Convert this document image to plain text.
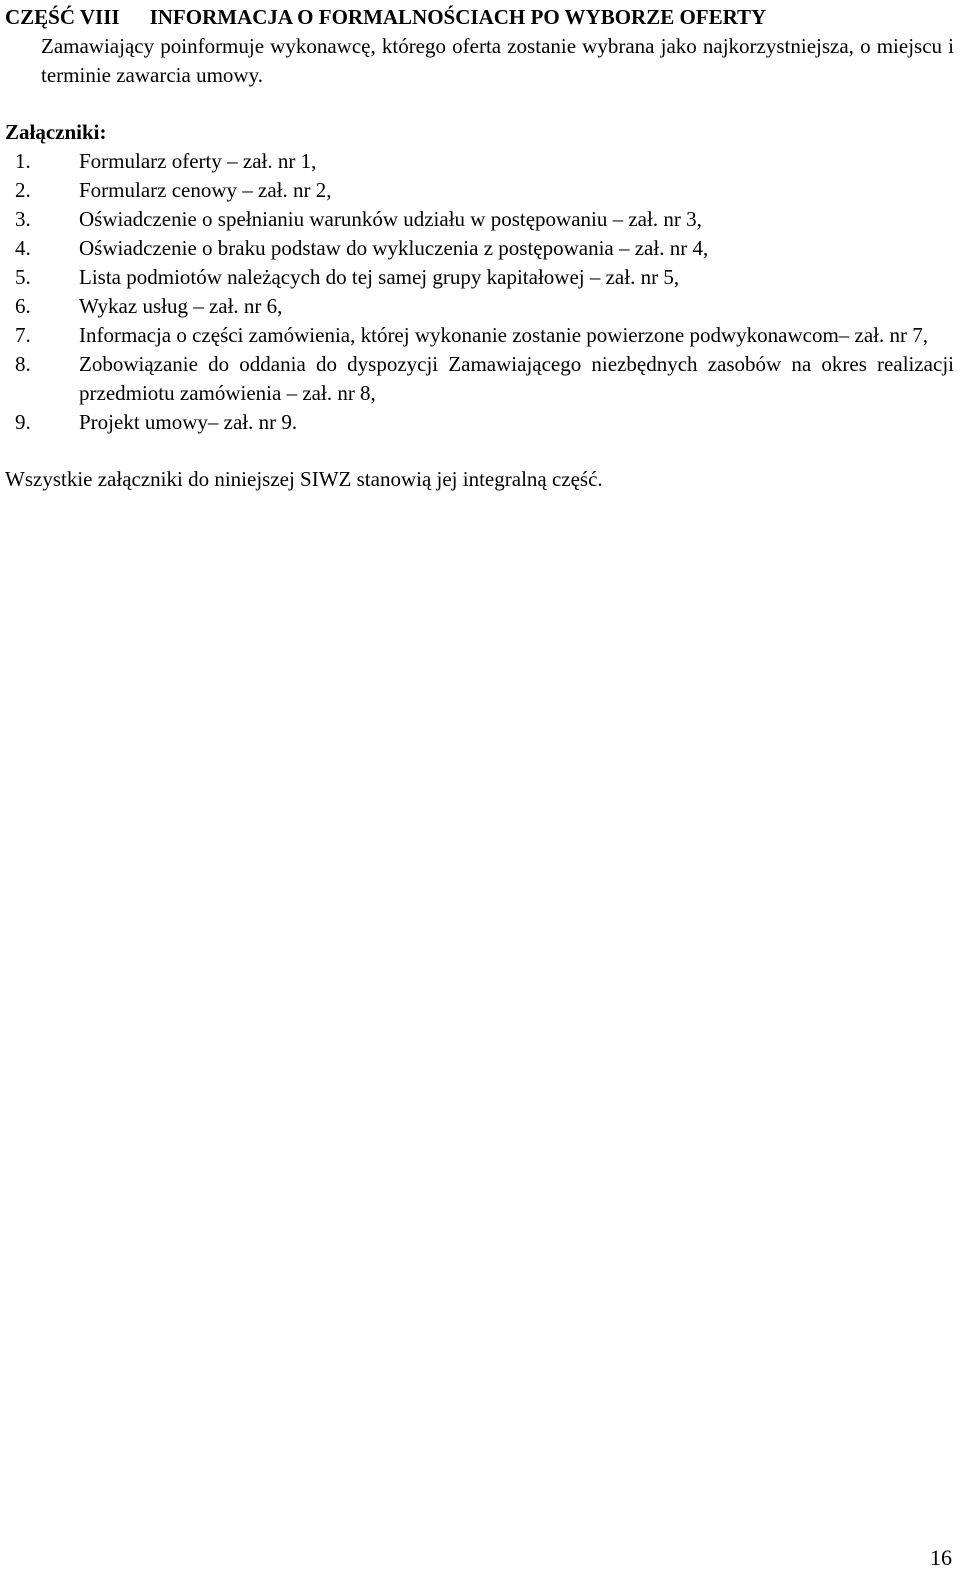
CZĘŚĆ VIII INFORMACJA O FORMALNOŚCIACH PO WYBORZE OFERTY

Zamawiający poinformuje wykonawcę, którego oferta zostanie wybrana jako najkorzystniejsza, o miejscu i terminie zawarcia umowy.

Załączniki:

1.	Formularz oferty – zał. nr 1,
2.	Formularz cenowy – zał. nr 2,
3.	Oświadczenie o spełnianiu warunków udziału w postępowaniu – zał. nr 3,
4.	Oświadczenie o braku podstaw do wykluczenia z postępowania – zał. nr 4,
5.	Lista podmiotów należących do tej samej grupy kapitałowej – zał. nr 5,
6.	Wykaz usług – zał. nr 6,
7.	Informacja o części zamówienia, której wykonanie zostanie powierzone podwykonawcom– zał. nr 7,
8.	Zobowiązanie do oddania do dyspozycji Zamawiającego niezbędnych zasobów na okres realizacji przedmiotu zamówienia – zał. nr 8,
9.	Projekt umowy– zał. nr 9.

Wszystkie załączniki do niniejszej SIWZ stanowią jej integralną część.

16
